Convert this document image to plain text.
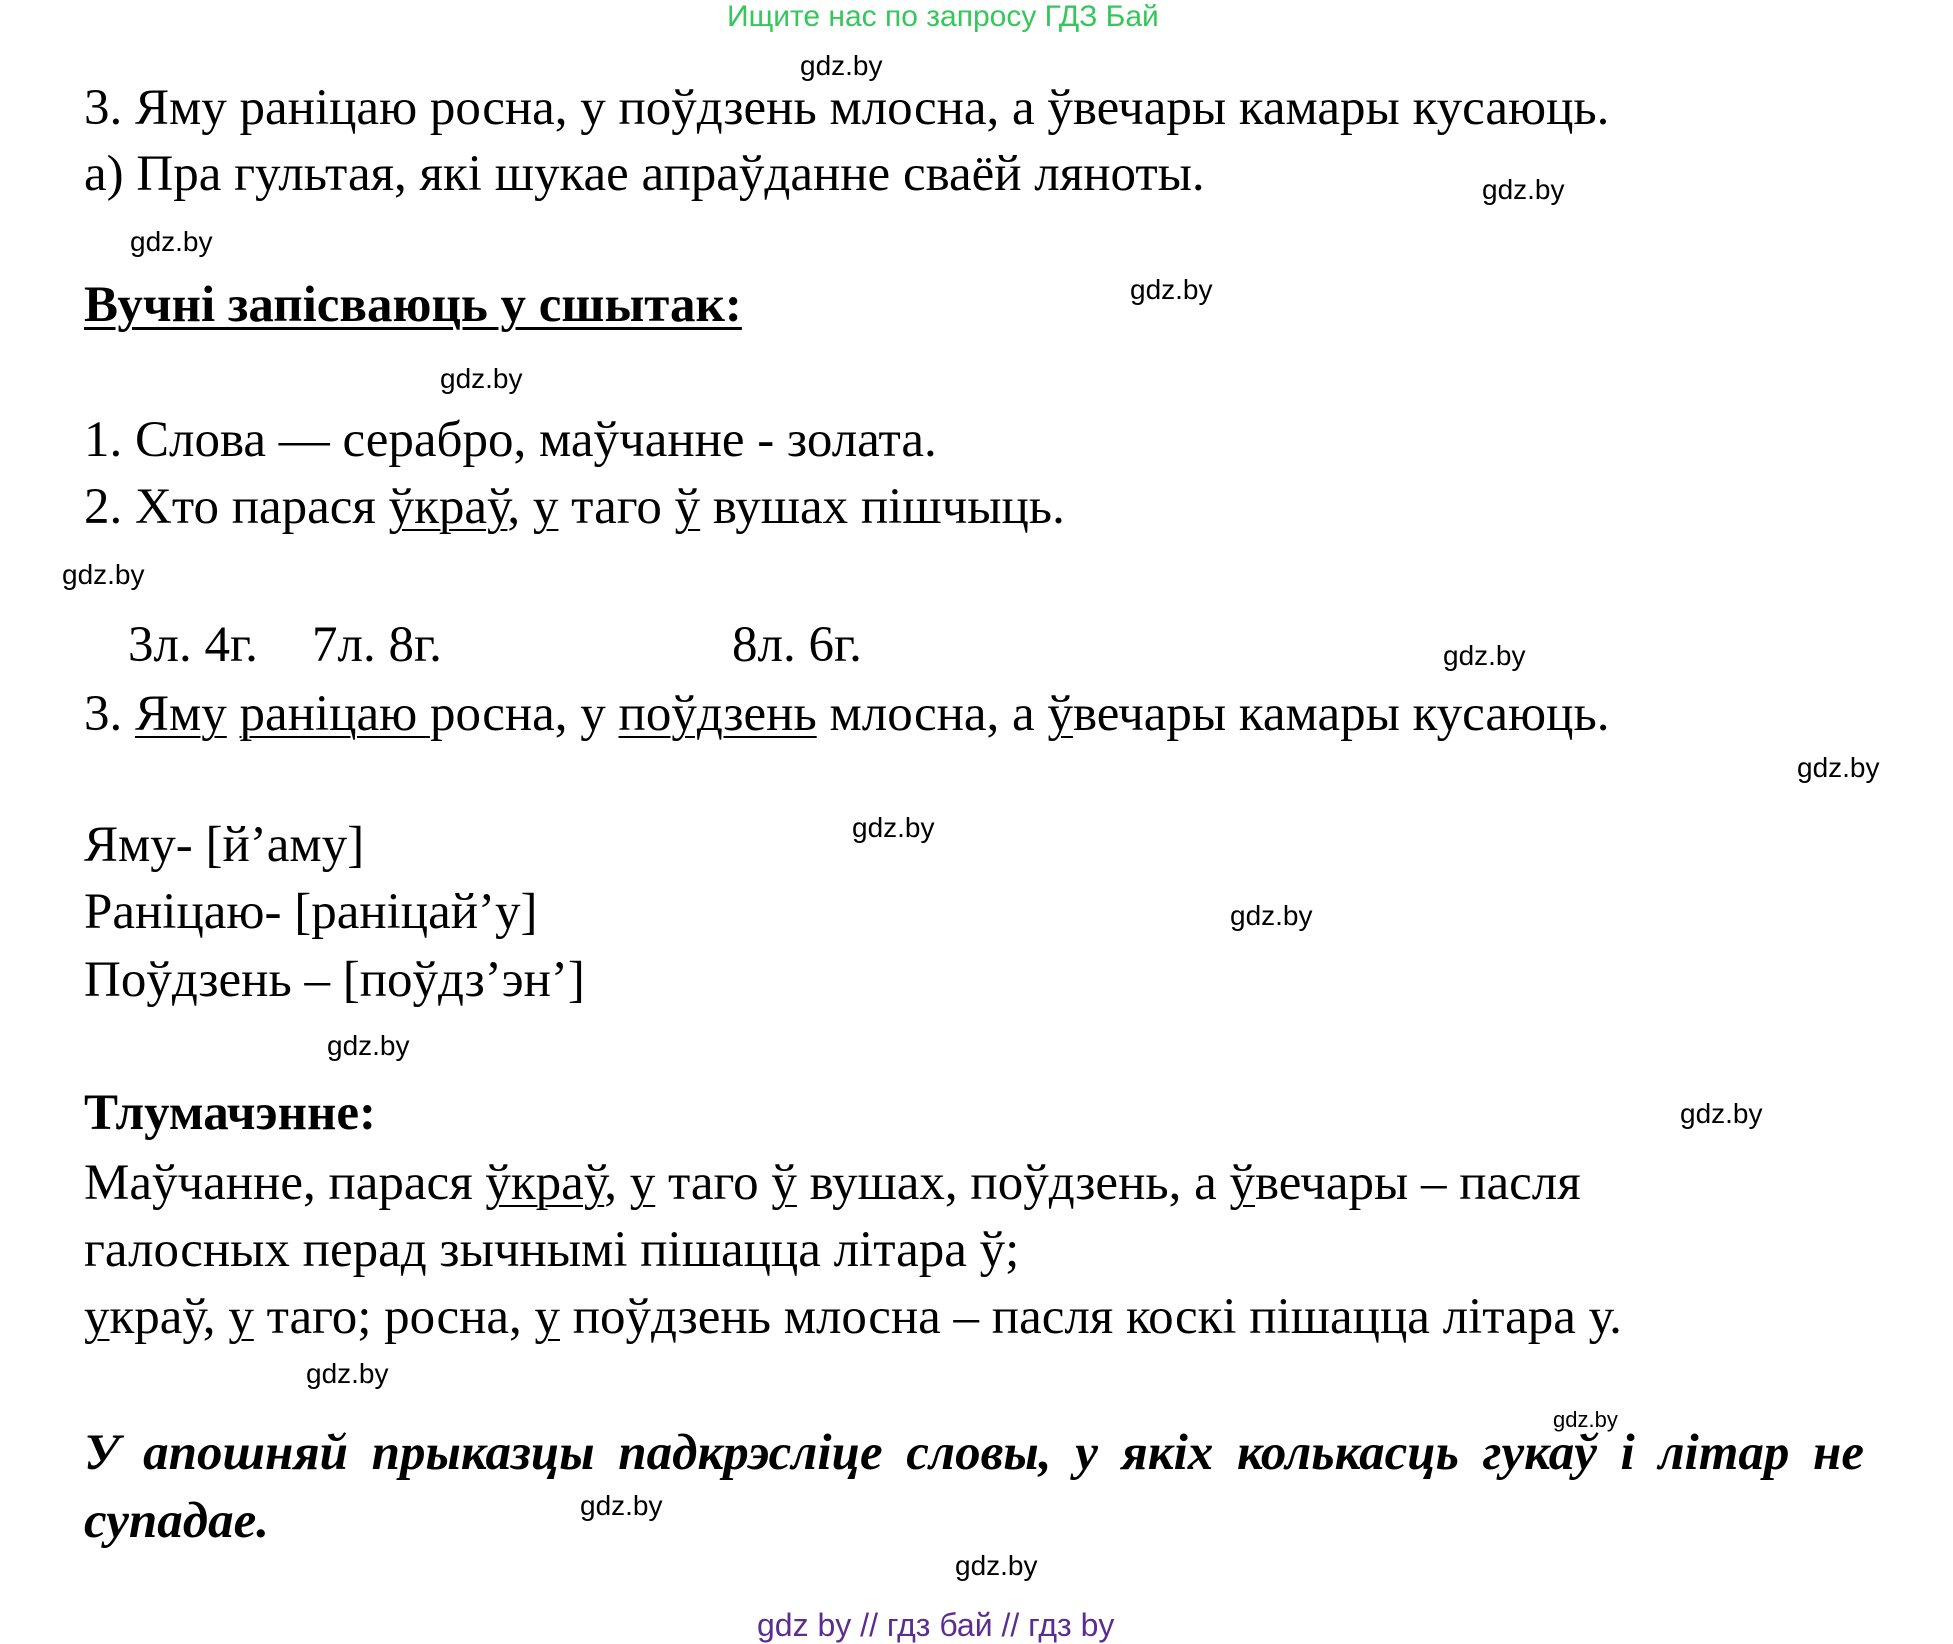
Ищите нас по запросу ГДЗ Бай
gdz.by
gdz.by
gdz.by
gdz.by
gdz.by
gdz.by
gdz.by
gdz.by
gdz.by
gdz.by
gdz.by
gdz.by
gdz.by
gdz.by
gdz.by
gdz.by
3. Яму раніцаю росна, у поўдзень млосна, а ўвечары камары кусаюць.
а) Пра гультая, які шукае апраўданне сваёй ляноты.
Вучні запісваюць у сшытак:
1. Слова — серабро, маўчанне - золата.
2. Хто парася ўкраў, у таго ў вушах пішчыць.
3л. 4г. 7л. 8г.	8л. 6г.
3. Яму раніцаю росна, у поўдзень млосна, а ўвечары камары кусаюць.
Яму- [й’аму]
Раніцаю- [раніцай’у]
Поўдзень – [поўдз’эн’]
Тлумачэнне:
Маўчанне, парася ўкраў, у таго ў вушах, поўдзень, а ўвечары – пасля
галосных перад зычнымі пішацца літара ў;
украў, у таго; росна, у поўдзень млосна – пасля коскі пішацца літара у.
У апошняй прыказцы падкрэсліце словы, у якіх колькасць гукаў і літар не супадае.
gdz by // гдз бай // гдз by
